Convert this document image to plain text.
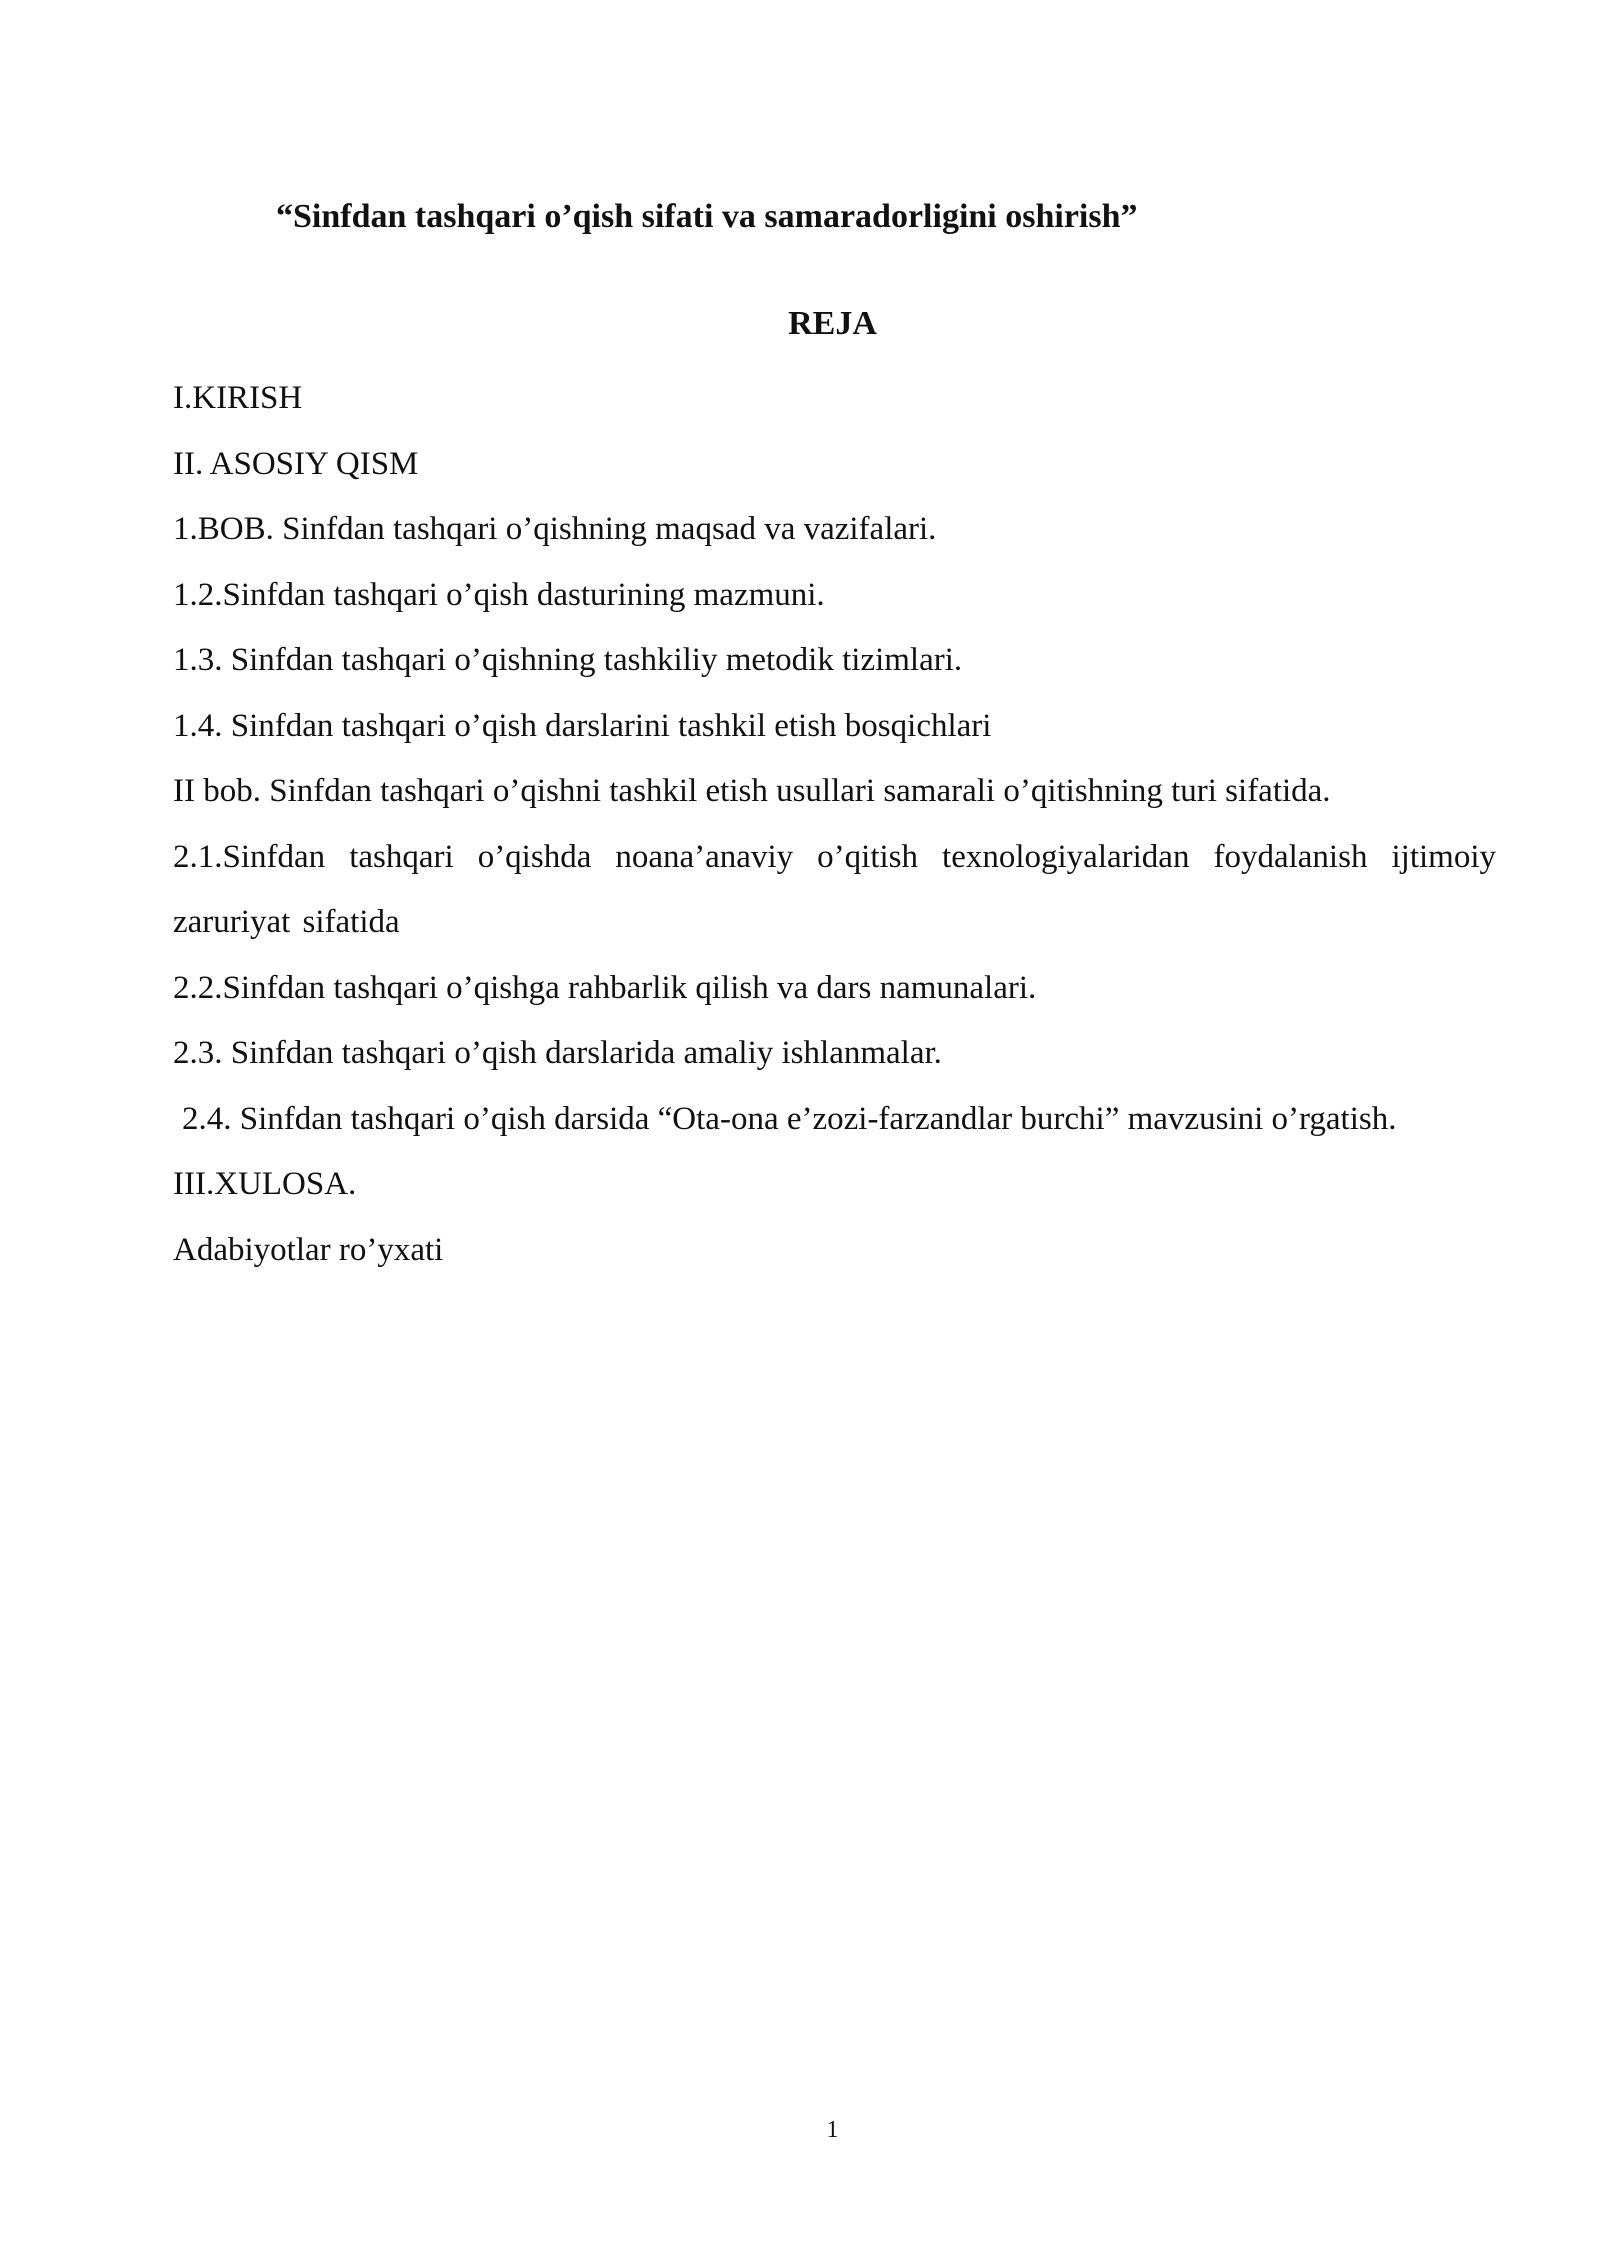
“Sinfdan tashqari o’qish sifati va samaradorligini oshirish”
REJA

I.KIRISH

II. ASOSIY QISM

1.BOB. Sinfdan tashqari o’qishning maqsad va vazifalari.

1.2.Sinfdan tashqari o’qish dasturining mazmuni.

1.3. Sinfdan tashqari o’qishning tashkiliy metodik tizimlari.

1.4. Sinfdan tashqari o’qish darslarini tashkil etish bosqichlari

II bob. Sinfdan tashqari o’qishni tashkil etish usullari samarali o’qitishning turi sifatida.

2.1.Sinfdan tashqari o’qishda noana’anaviy o’qitish texnologiyalaridan foydalanish ijtimoiy zaruriyat sifatida

2.2.Sinfdan tashqari o’qishga rahbarlik qilish va dars namunalari.

2.3. Sinfdan tashqari o’qish darslarida amaliy ishlanmalar.

2.4. Sinfdan tashqari o’qish darsida “Ota-ona e’zozi-farzandlar burchi” mavzusini o’rgatish.

III.XULOSA.

Adabiyotlar ro’yxati

1
